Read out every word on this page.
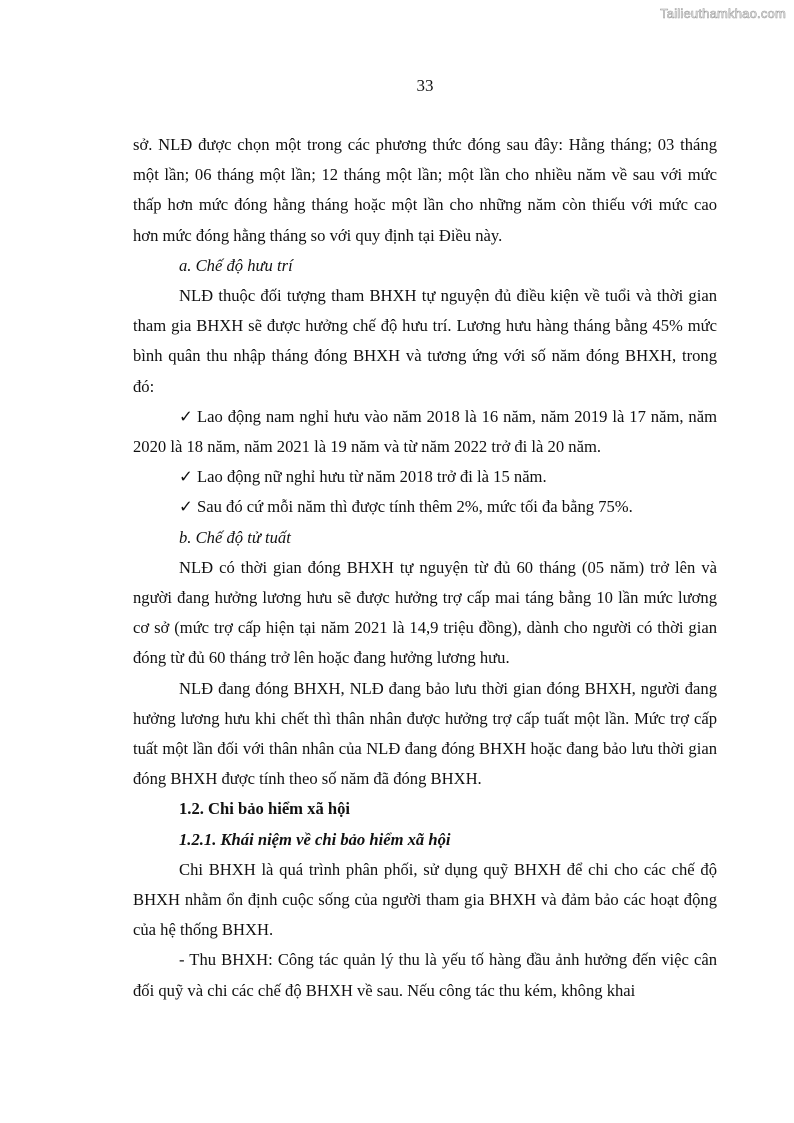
Tailieuthamkhao.com
33

sở. NLĐ được chọn một trong các phương thức đóng sau đây: Hằng tháng; 03 tháng một lần; 06 tháng một lần; 12 tháng một lần; một lần cho nhiều năm về sau với mức thấp hơn mức đóng hằng tháng hoặc một lần cho những năm còn thiếu với mức cao hơn mức đóng hằng tháng so với quy định tại Điều này.

a. Chế độ hưu trí

NLĐ thuộc đối tượng tham BHXH tự nguyện đủ điều kiện về tuổi và thời gian tham gia BHXH sẽ được hưởng chế độ hưu trí. Lương hưu hàng tháng bằng 45% mức bình quân thu nhập tháng đóng BHXH và tương ứng với số năm đóng BHXH, trong đó:

✓ Lao động nam nghỉ hưu vào năm 2018 là 16 năm, năm 2019 là 17 năm, năm 2020 là 18 năm, năm 2021 là 19 năm và từ năm 2022 trở đi là 20 năm.

✓ Lao động nữ nghỉ hưu từ năm 2018 trở đi là 15 năm.

✓ Sau đó cứ mỗi năm thì được tính thêm 2%, mức tối đa bằng 75%.

b. Chế độ tử tuất

NLĐ có thời gian đóng BHXH tự nguyện từ đủ 60 tháng (05 năm) trở lên và người đang hưởng lương hưu sẽ được hưởng trợ cấp mai táng bằng 10 lần mức lương cơ sở (mức trợ cấp hiện tại năm 2021 là 14,9 triệu đồng), dành cho người có thời gian đóng từ đủ 60 tháng trở lên hoặc đang hưởng lương hưu.

NLĐ đang đóng BHXH, NLĐ đang bảo lưu thời gian đóng BHXH, người đang hưởng lương hưu khi chết thì thân nhân được hưởng trợ cấp tuất một lần. Mức trợ cấp tuất một lần đối với thân nhân của NLĐ đang đóng BHXH hoặc đang bảo lưu thời gian đóng BHXH được tính theo số năm đã đóng BHXH.

1.2. Chi bảo hiểm xã hội

1.2.1. Khái niệm về chi bảo hiểm xã hội

Chi BHXH là quá trình phân phối, sử dụng quỹ BHXH để chi cho các chế độ BHXH nhằm ổn định cuộc sống của người tham gia BHXH và đảm bảo các hoạt động của hệ thống BHXH.

- Thu BHXH: Công tác quản lý thu là yếu tố hàng đầu ảnh hưởng đến việc cân đối quỹ và chi các chế độ BHXH về sau. Nếu công tác thu kém, không khai
